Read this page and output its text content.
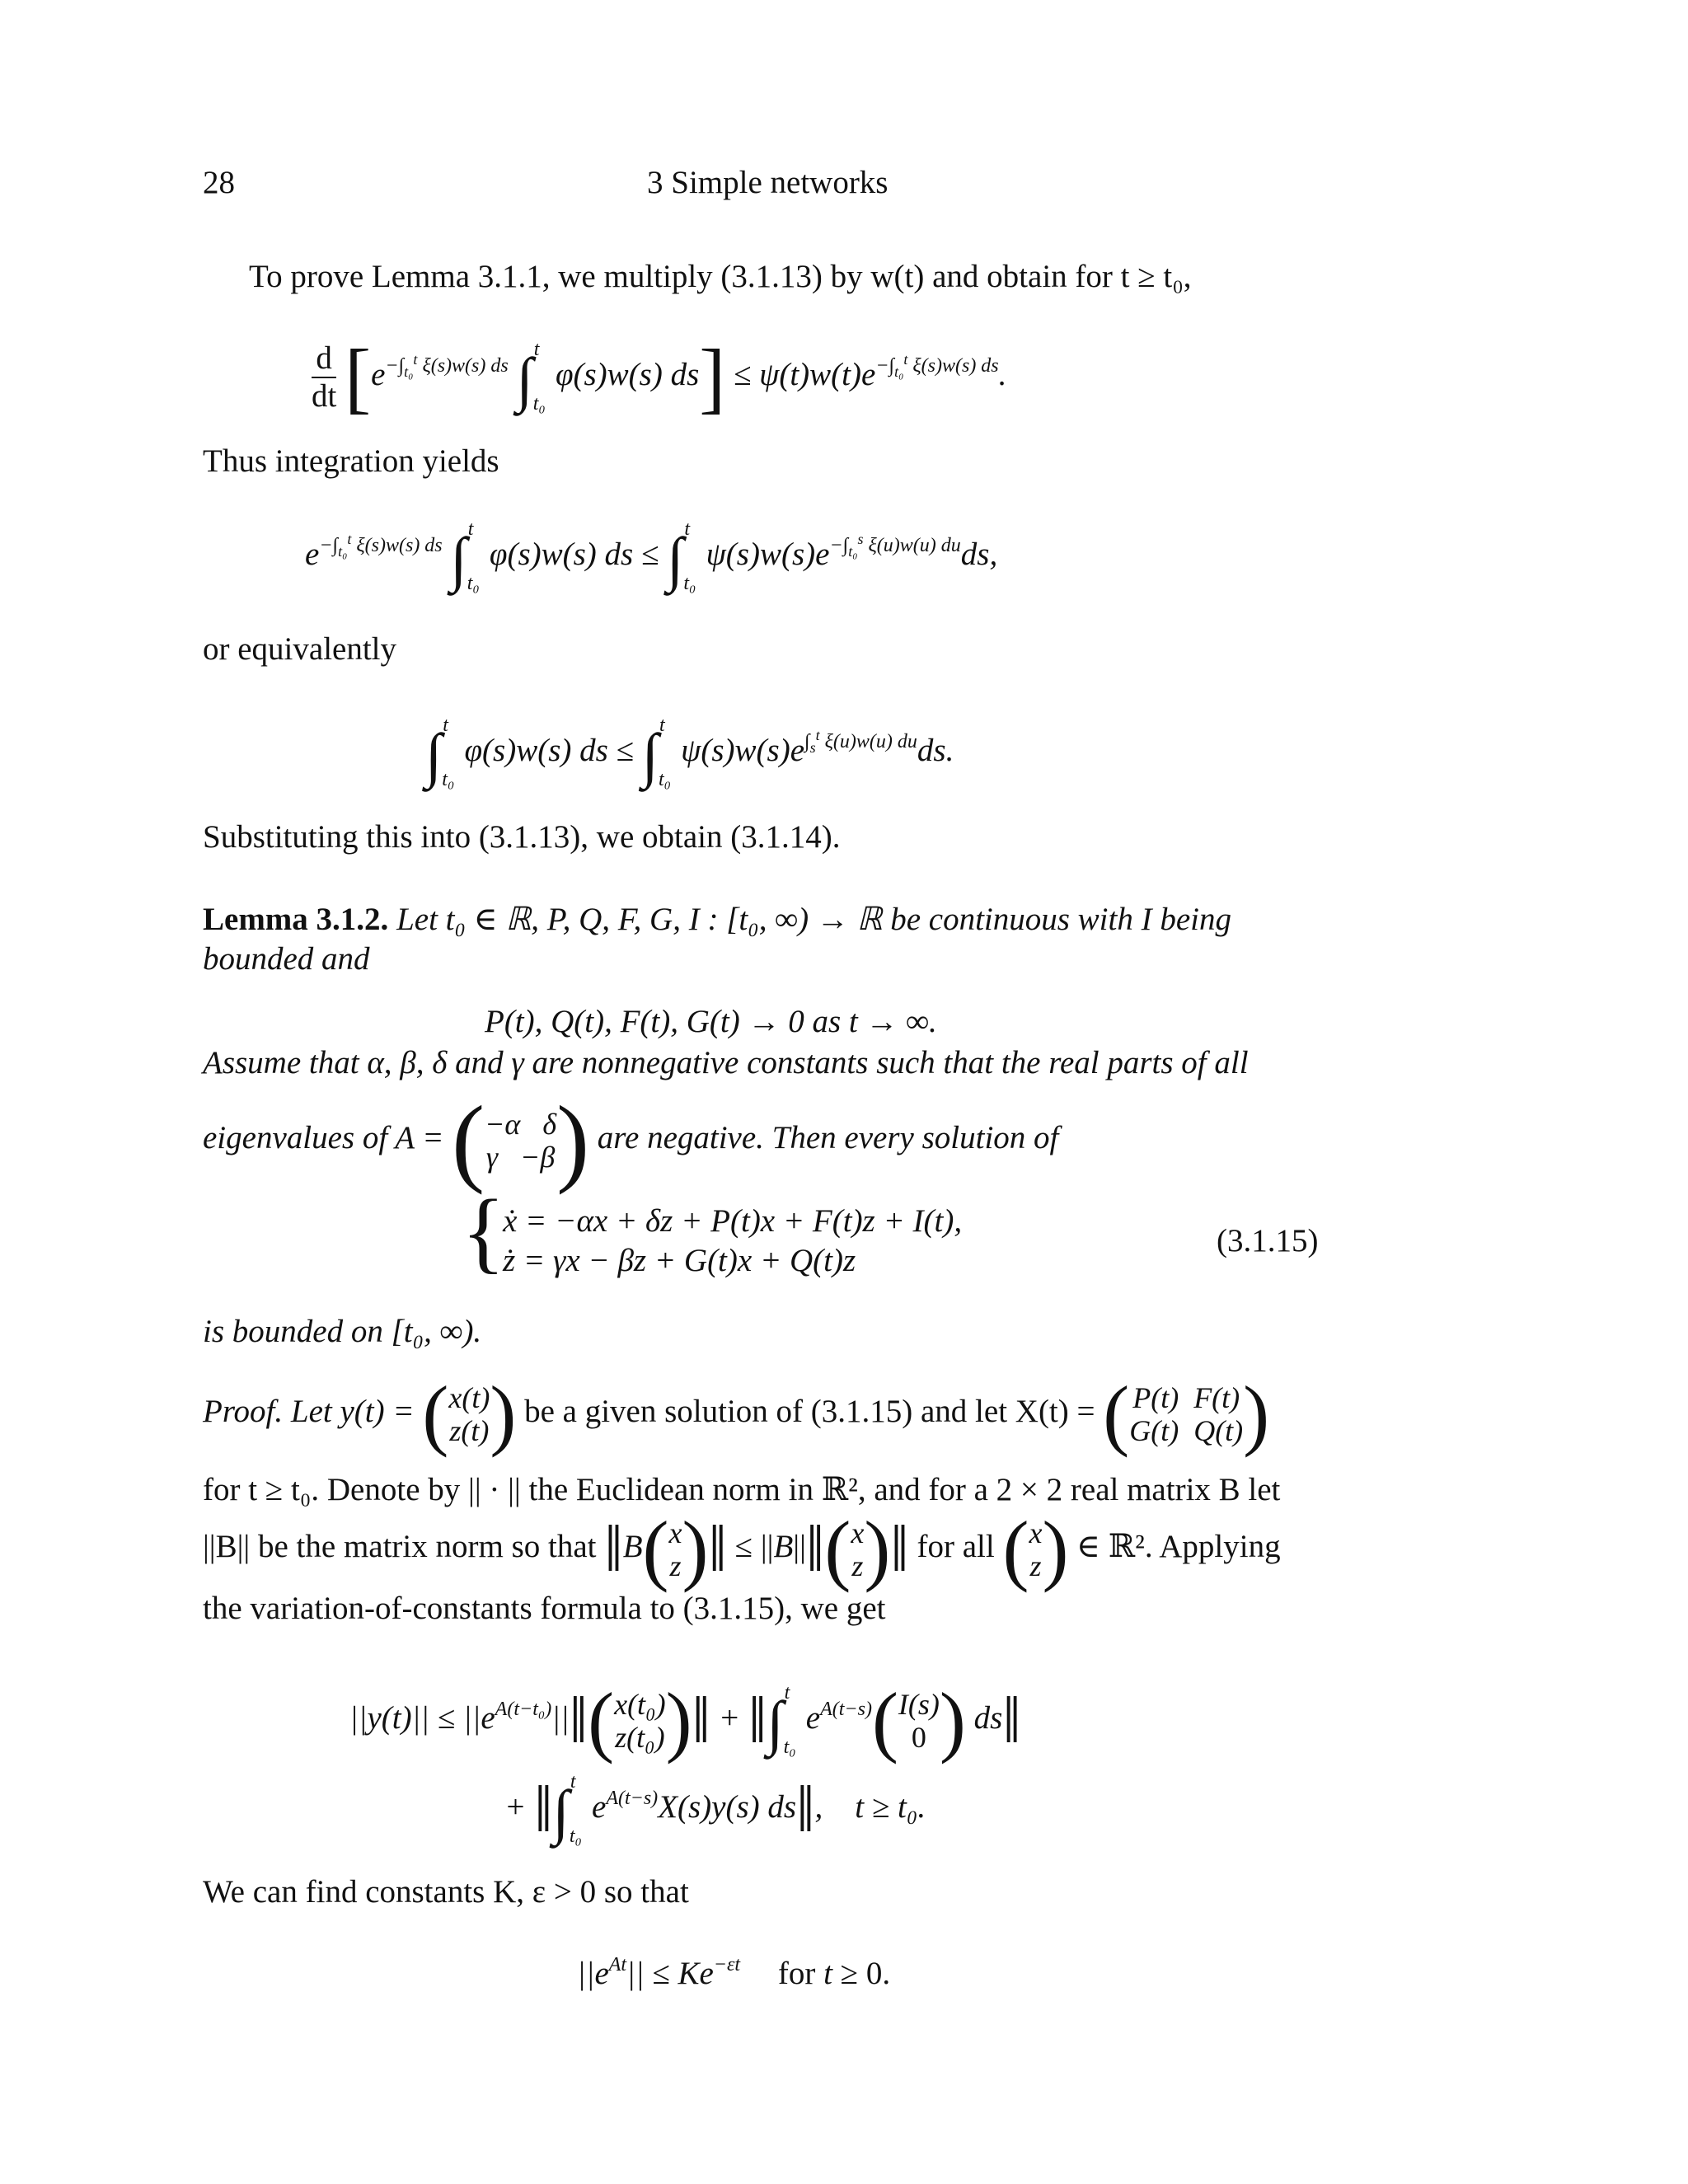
28	3 Simple networks
To prove Lemma 3.1.1, we multiply (3.1.13) by w(t) and obtain for t ≥ t₀,
$\frac{d}{dt} [e^{-\int_{t_0}^t \xi(s)w(s) ds}$ $\int_{t_0}^t$  φ(s)w(s) $ds] \le \psi(t)w(t)e^{-\int_{t_0}^t \xi(s)w(s) ds}$.
Thus integration yields
$e^{-\int_{t_0}^t \xi(s)w(s) ds}$ $\int_{t_0}^t$  φ(s)w(s) ds ≤ $\int_{t_0}^t$  $\psi(s)w(s)e^{-\int_{t_0}^s \xi(u)w(u) du}ds$,
or equivalently
$\int_{t_0}^t$  φ(s)w(s) ds ≤ $\int_{t_0}^t$  $\psi(s)w(s)e^{\int_s^t \xi(u)w(u) du}ds$.
Substituting this into (3.1.13), we obtain (3.1.14).
Lemma 3.1.2. Let t₀ ∈ ℝ, P, Q, F, G, I : [t₀, ∞) → ℝ be continuous with I being
bounded and
P(t), Q(t), F(t), G(t) → 0 as t → ∞.
Assume that α, β, δ and γ are nonnegative constants such that the real parts of all
eigenvalues of A = (−α   δ
γ   −β) are negative. Then every solution of
{
ẋ = −αx + δz + P(t)x + F(t)z + I(t),
ż = γx − βz + G(t)x + Q(t)z
(3.1.15)
is bounded on [t₀, ∞).
Proof. Let y(t) = (x(t)
z(t)) be a given solution of (3.1.15) and let X(t) = ( P(t)  F(t)
G(t)  Q(t))
for t ≥ t₀. Denote by || · || the Euclidean norm in ℝ², and for a 2 × 2 real matrix B let
||B|| be the matrix norm so that ‖B(x
z)‖ ≤ ||B||‖(x
z)‖ for all (x
z) ∈ ℝ². Applying
the variation-of-constants formula to (3.1.15), we get
$||y(t)|| \le ||e^{A(t-t_0)}||‖(x(t_0)$
z(t₀))‖ + $‖\int_{t_0}^t$  $e^{A(t-s)}(I(s)$
0 ) ds‖
+ $‖\int_{t_0}^t$  $e^{A(t-s)}X(s)y(s)$ ds‖,    t ≥ t₀.
We can find constants K, ε > 0 so that
$||e^{At}|| \le Ke^{-\varepsilon t}$ for t ≥ 0.
